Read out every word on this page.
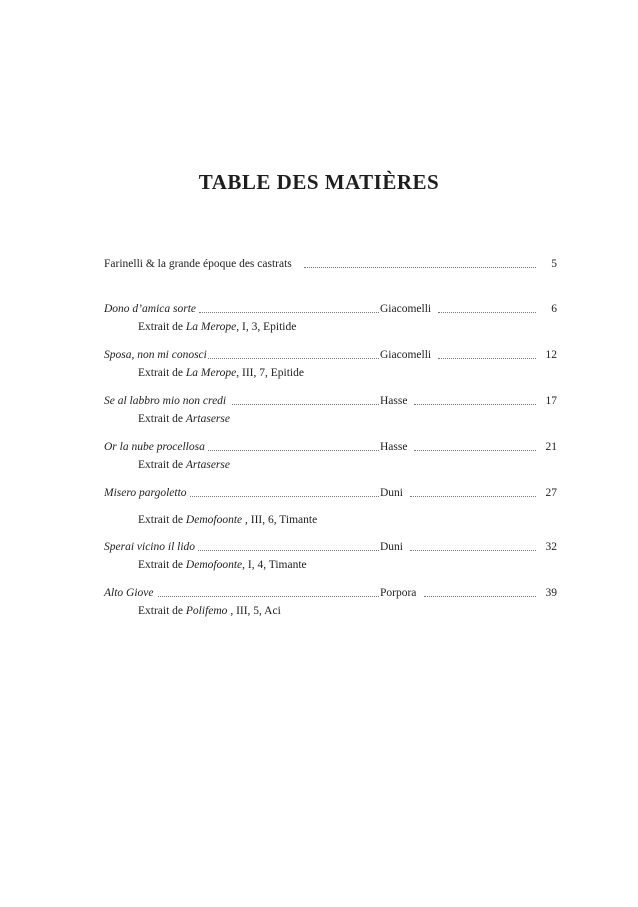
TABLE DES MATIÈRES
Farinelli & la grande époque des castrats	5
Dono d’amica sorte	Giacomelli	6
Extrait de La Merope, I, 3, Epitide
Sposa, non mi conosci	Giacomelli	12
Extrait de La Merope, III, 7, Epitide
Se al labbro mio non credi	Hasse	17
Extrait de Artaserse
Or la nube procellosa	Hasse	21
Extrait de Artaserse
Misero pargoletto	Duni	27
Extrait de Demofoonte , III, 6, Timante
Sperai vicino il lido	Duni	32
Extrait de Demofoonte, I, 4, Timante
Alto Giove	Porpora	39
Extrait de Polifemo , III, 5, Aci
